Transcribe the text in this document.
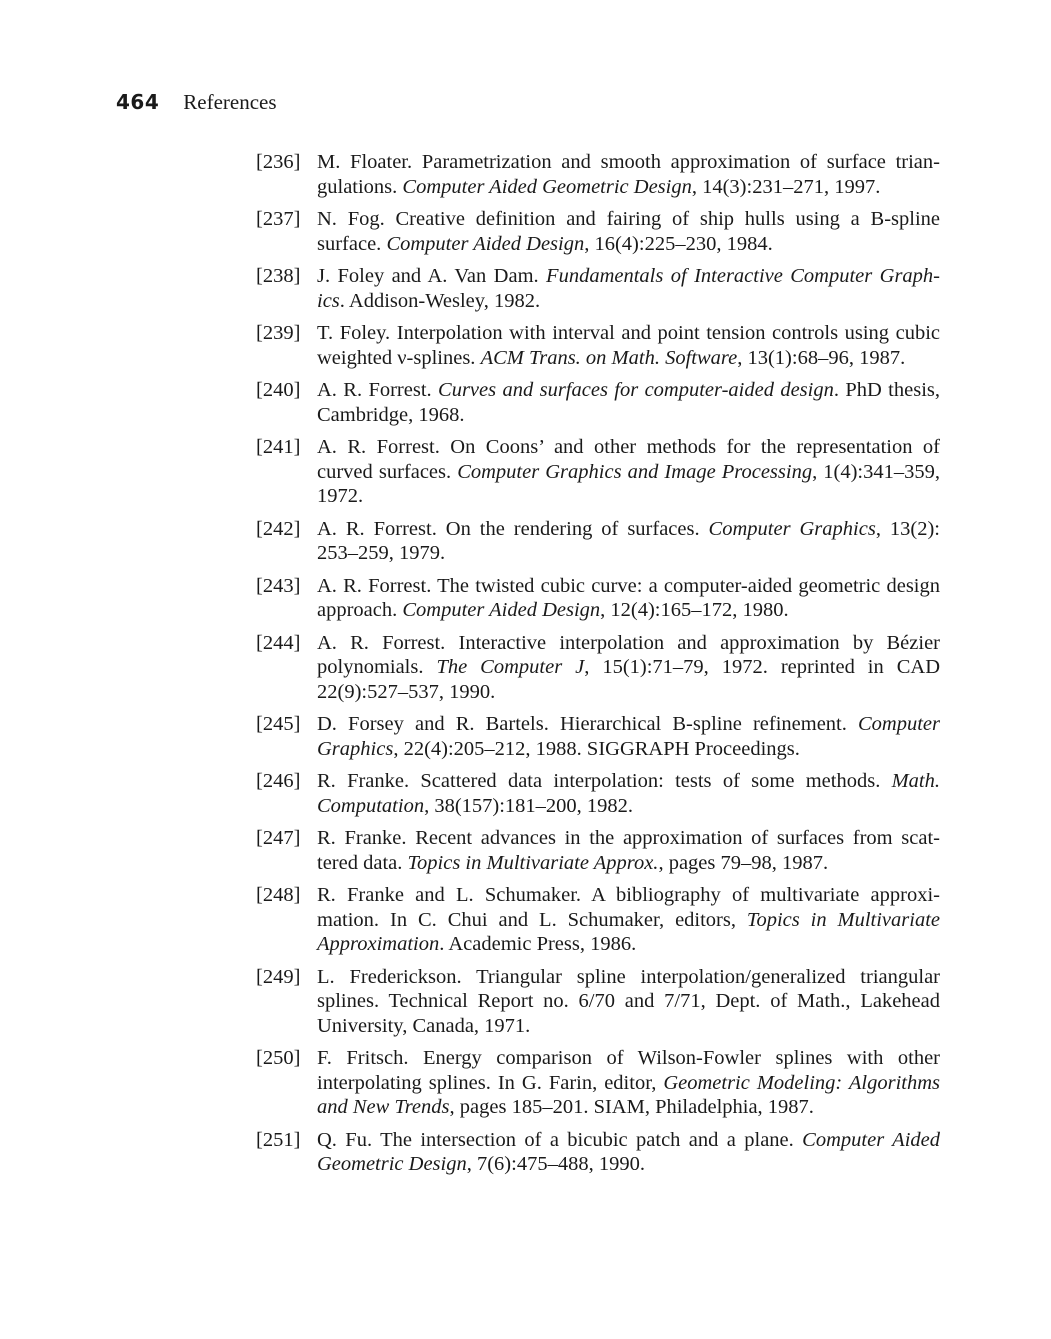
464 References
[236] M. Floater. Parametrization and smooth approximation of surface trian-gulations. Computer Aided Geometric Design, 14(3):231–271, 1997.
[237] N. Fog. Creative definition and fairing of ship hulls using a B-spline surface. Computer Aided Design, 16(4):225–230, 1984.
[238] J. Foley and A. Van Dam. Fundamentals of Interactive Computer Graph-ics. Addison-Wesley, 1982.
[239] T. Foley. Interpolation with interval and point tension controls using cubic weighted ν-splines. ACM Trans. on Math. Software, 13(1):68–96, 1987.
[240] A. R. Forrest. Curves and surfaces for computer-aided design. PhD thesis, Cambridge, 1968.
[241] A. R. Forrest. On Coons’ and other methods for the representation of curved surfaces. Computer Graphics and Image Processing, 1(4):341–359, 1972.
[242] A. R. Forrest. On the rendering of surfaces. Computer Graphics, 13(2): 253–259, 1979.
[243] A. R. Forrest. The twisted cubic curve: a computer-aided geometric design approach. Computer Aided Design, 12(4):165–172, 1980.
[244] A. R. Forrest. Interactive interpolation and approximation by Bézier polynomials. The Computer J, 15(1):71–79, 1972. reprinted in CAD 22(9):527–537, 1990.
[245] D. Forsey and R. Bartels. Hierarchical B-spline refinement. Computer Graphics, 22(4):205–212, 1988. SIGGRAPH Proceedings.
[246] R. Franke. Scattered data interpolation: tests of some methods. Math. Computation, 38(157):181–200, 1982.
[247] R. Franke. Recent advances in the approximation of surfaces from scat-tered data. Topics in Multivariate Approx., pages 79–98, 1987.
[248] R. Franke and L. Schumaker. A bibliography of multivariate approxi-mation. In C. Chui and L. Schumaker, editors, Topics in Multivariate Approximation. Academic Press, 1986.
[249] L. Frederickson. Triangular spline interpolation/generalized triangular splines. Technical Report no. 6/70 and 7/71, Dept. of Math., Lakehead University, Canada, 1971.
[250] F. Fritsch. Energy comparison of Wilson-Fowler splines with other interpolating splines. In G. Farin, editor, Geometric Modeling: Algorithms and New Trends, pages 185–201. SIAM, Philadelphia, 1987.
[251] Q. Fu. The intersection of a bicubic patch and a plane. Computer Aided Geometric Design, 7(6):475–488, 1990.
